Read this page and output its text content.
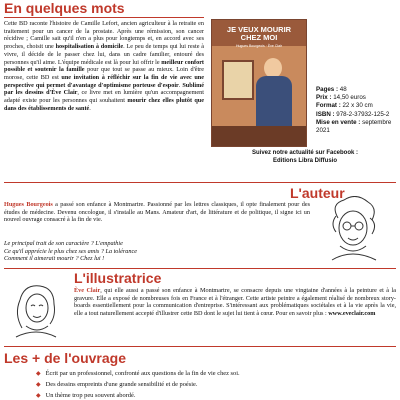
En quelques mots
Cette BD raconte l'histoire de Camille Lefort, ancien agriculteur à la retraite en traitement pour un cancer de la prostate. Après une rémission, son cancer récidive ; Camille sait qu'il n'en a plus pour longtemps et, en accord avec ses proches, choisit une hospitalisation à domicile. Le peu de temps qui lui reste à vivre, il décide de le passer chez lui, dans un cadre familier, entouré des personnes qu'il aime. L'équipe médicale est là pour lui offrir le meilleur confort possible et soutenir la famille pour que tout se passe au mieux. Loin d'être morose, cette BD est une invitation à réfléchir sur la fin de vie avec une perspective qui permet d'avantage d'optimisme porteuse d'espoir. Sublimé par les dessins d'Ève Clair, ce livre met en lumière qu'un accompagnement adapté existe pour les personnes qui souhaitent mourir chez elles plutôt que dans des établissements de santé.
JE VEUX MOURIR
CHEZ MOI
Hugues Bourgeois · Ève Clair
Pages : 48
Prix : 14,50 euros
Format : 22 x 30 cm
ISBN : 978-2-37932-125-2
Mise en vente : septembre 2021
Suivez notre actualité sur Facebook :
Editions Libra Diffusio
L'auteur
Hugues Bourgeois a passé son enfance à Montmartre. Passionné par les lettres classiques, il opte finalement pour des études de médecine. Devenu oncologue, il s'installe au Mans. Amateur d'art, de littérature et de politique, il signe ici un nouvel ouvrage consacré à la fin de vie.
Le principal trait de son caractère ? L'empathie
Ce qu'il apprécie le plus chez ses amis ? La tolérance
Comment il aimerait mourir ? Chez lui !
L'illustratrice
Ève Clair, qui elle aussi a passé son enfance à Montmartre, se consacre depuis une vingtaine d'années à la peinture et à la gravure. Elle a exposé de nombreuses fois en France et à l'étranger. Cette artiste peintre a également réalisé de nombreux story-boards essentiellement pour la communication d'entreprise. S'intéressant aux problématiques sociétales et à la vie après la vie, elle a tout naturellement accepté d'illustrer cette BD dont le sujet lui tient à cœur. Pour en savoir plus : www.eveclair.com
Les + de l'ouvrage
◆ Écrit par un professionnel, confronté aux questions de la fin de vie chez soi.
◆ Des dessins empreints d'une grande sensibilité et de poésie.
◆ Un thème trop peu souvent abordé.
